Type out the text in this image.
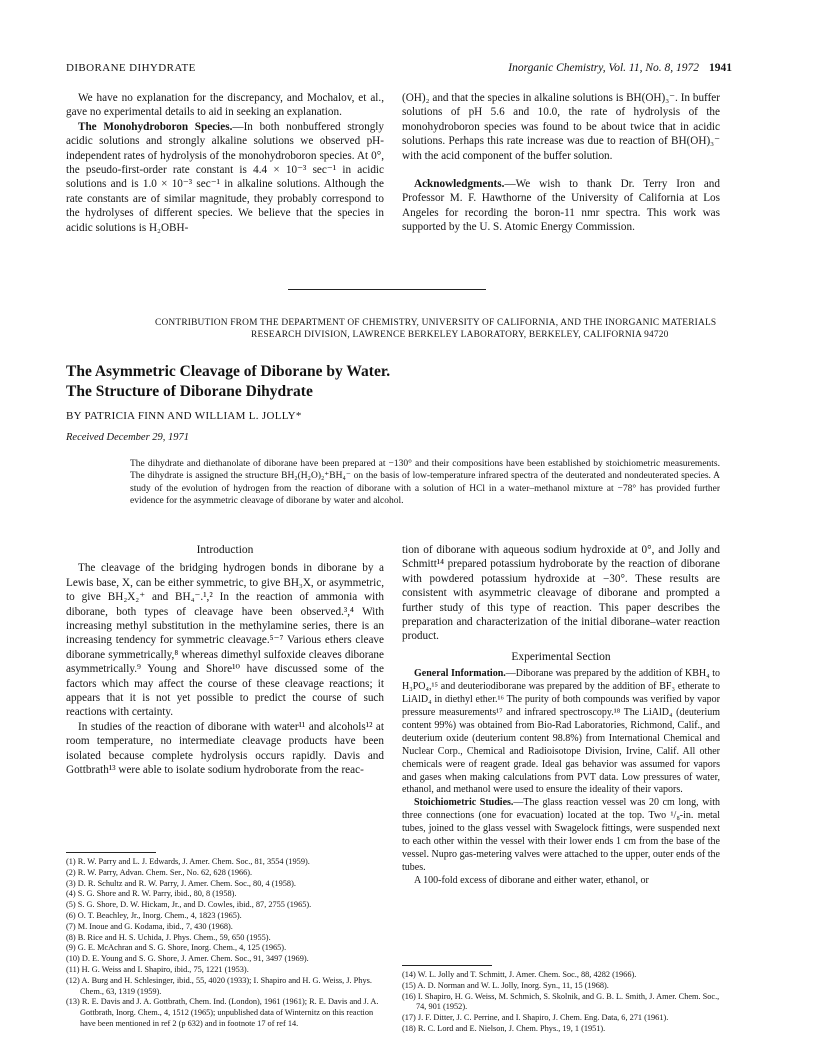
DIBORANE DIHYDRATE	Inorganic Chemistry, Vol. 11, No. 8, 1972 1941

We have no explanation for the discrepancy, and Mochalov, et al., gave no experimental details to aid in seeking an explanation.

The Monohydroboron Species.—In both nonbuffered strongly acidic solutions and strongly alkaline solutions we observed pH-independent rates of hydrolysis of the monohydroboron species. At 0°, the pseudo-first-order rate constant is 4.4 × 10⁻³ sec⁻¹ in acidic solutions and is 1.0 × 10⁻³ sec⁻¹ in alkaline solutions. Although the rate constants are of similar magnitude, they probably correspond to the hydrolyses of different species. We believe that the species in acidic solutions is H₂OBH-

(OH)₂ and that the species in alkaline solutions is BH(OH)₃⁻. In buffer solutions of pH 5.6 and 10.0, the rate of hydrolysis of the monohydroboron species was found to be about twice that in acidic solutions. Perhaps this rate increase was due to reaction of BH(OH)₃⁻ with the acid component of the buffer solution.

Acknowledgments.—We wish to thank Dr. Terry Iron and Professor M. F. Hawthorne of the University of California at Los Angeles for recording the boron-11 nmr spectra. This work was supported by the U. S. Atomic Energy Commission.

CONTRIBUTION FROM THE DEPARTMENT OF CHEMISTRY, UNIVERSITY OF CALIFORNIA, AND THE INORGANIC MATERIALS
RESEARCH DIVISION, LAWRENCE BERKELEY LABORATORY, BERKELEY, CALIFORNIA 94720
The Asymmetric Cleavage of Diborane by Water.
The Structure of Diborane Dihydrate
BY PATRICIA FINN AND WILLIAM L. JOLLY*
Received December 29, 1971
The dihydrate and diethanolate of diborane have been prepared at −130° and their compositions have been established by stoichiometric measurements. The dihydrate is assigned the structure BH₂(H₂O)₂⁺BH₄⁻ on the basis of low-temperature infrared spectra of the deuterated and nondeuterated species. A study of the evolution of hydrogen from the reaction of diborane with a solution of HCl in a water–methanol mixture at −78° has provided further evidence for the asymmetric cleavage of diborane by water and alcohol.
Introduction

The cleavage of the bridging hydrogen bonds in diborane by a Lewis base, X, can be either symmetric, to give BH₃X, or asymmetric, to give BH₂X₂⁺ and BH₄⁻.¹,² In the reaction of ammonia with diborane, both types of cleavage have been observed.³,⁴ With increasing methyl substitution in the methylamine series, there is an increasing tendency for symmetric cleavage.⁵⁻⁷ Various ethers cleave diborane symmetrically,⁸ whereas dimethyl sulfoxide cleaves diborane asymmetrically.⁹ Young and Shore¹⁰ have discussed some of the factors which may affect the course of these cleavage reactions; it appears that it is not yet possible to predict the course of such reactions with certainty.

In studies of the reaction of diborane with water¹¹ and alcohols¹² at room temperature, no intermediate cleavage products have been isolated because complete hydrolysis occurs rapidly. Davis and Gottbrath¹³ were able to isolate sodium hydroborate from the reac-

(1) R. W. Parry and L. J. Edwards, J. Amer. Chem. Soc., 81, 3554 (1959).
(2) R. W. Parry, Advan. Chem. Ser., No. 62, 628 (1966).
(3) D. R. Schultz and R. W. Parry, J. Amer. Chem. Soc., 80, 4 (1958).
(4) S. G. Shore and R. W. Parry, ibid., 80, 8 (1958).
(5) S. G. Shore, D. W. Hickam, Jr., and D. Cowles, ibid., 87, 2755 (1965).
(6) O. T. Beachley, Jr., Inorg. Chem., 4, 1823 (1965).
(7) M. Inoue and G. Kodama, ibid., 7, 430 (1968).
(8) B. Rice and H. S. Uchida, J. Phys. Chem., 59, 650 (1955).
(9) G. E. McAchran and S. G. Shore, Inorg. Chem., 4, 125 (1965).
(10) D. E. Young and S. G. Shore, J. Amer. Chem. Soc., 91, 3497 (1969).
(11) H. G. Weiss and I. Shapiro, ibid., 75, 1221 (1953).
(12) A. Burg and H. Schlesinger, ibid., 55, 4020 (1933); I. Shapiro and H. G. Weiss, J. Phys. Chem., 63, 1319 (1959).
(13) R. E. Davis and J. A. Gottbrath, Chem. Ind. (London), 1961 (1961); R. E. Davis and J. A. Gottbrath, Inorg. Chem., 4, 1512 (1965); unpublished data of Winternitz on this reaction have been mentioned in ref 2 (p 632) and in footnote 17 of ref 14.

tion of diborane with aqueous sodium hydroxide at 0°, and Jolly and Schmitt¹⁴ prepared potassium hydroborate by the reaction of diborane with powdered potassium hydroxide at −30°. These results are consistent with asymmetric cleavage of diborane and prompted a further study of this type of reaction. This paper describes the preparation and characterization of the initial diborane–water reaction product.

Experimental Section

General Information.—Diborane was prepared by the addition of KBH₄ to H₃PO₄,¹⁵ and deuteriodiborane was prepared by the addition of BF₃ etherate to LiAlD₄ in diethyl ether.¹⁶ The purity of both compounds was verified by vapor pressure measurements¹⁷ and infrared spectroscopy.¹⁸ The LiAlD₄ (deuterium content 99%) was obtained from Bio-Rad Laboratories, Richmond, Calif., and deuterium oxide (deuterium content 98.8%) from International Chemical and Nuclear Corp., Chemical and Radioisotope Division, Irvine, Calif. All other chemicals were of reagent grade. Ideal gas behavior was assumed for vapors and gases when making calculations from PVT data. Low pressures of water, ethanol, and methanol were used to ensure the ideality of their vapors.

Stoichiometric Studies.—The glass reaction vessel was 20 cm long, with three connections (one for evacuation) located at the top. Two ¹/₈-in. metal tubes, joined to the glass vessel with Swagelock fittings, were suspended next to each other within the vessel with their lower ends 1 cm from the base of the vessel. Nupro gas-metering valves were attached to the upper, outer ends of the tubes.

A 100-fold excess of diborane and either water, ethanol, or

(14) W. L. Jolly and T. Schmitt, J. Amer. Chem. Soc., 88, 4282 (1966).
(15) A. D. Norman and W. L. Jolly, Inorg. Syn., 11, 15 (1968).
(16) I. Shapiro, H. G. Weiss, M. Schmich, S. Skolnik, and G. B. L. Smith, J. Amer. Chem. Soc., 74, 901 (1952).
(17) J. F. Ditter, J. C. Perrine, and I. Shapiro, J. Chem. Eng. Data, 6, 271 (1961).
(18) R. C. Lord and E. Nielson, J. Chem. Phys., 19, 1 (1951).
